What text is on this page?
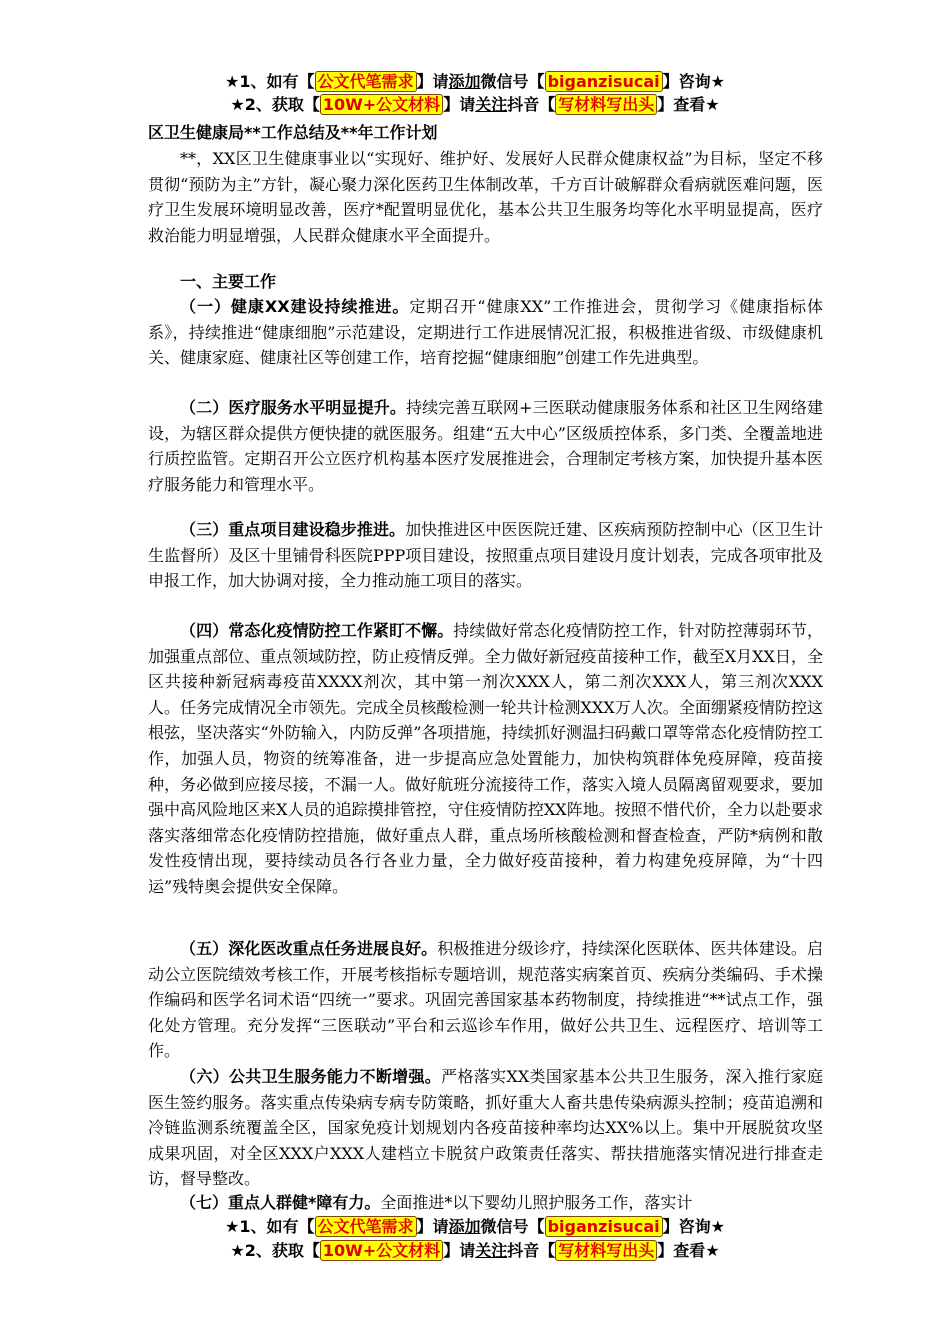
★1、如有【 公文代笔需求 】请添加微信号【 biganzisucai 】咨询★
★2、获取【 10W+公文材料 】请关注抖音【 写材料写出头 】查看★
区卫生健康局**工作总结及**年工作计划

**，XX区卫生健康事业以“实现好、维护好、发展好人民群众健康权益”为目标，坚定不移贯彻“预防为主”方针，凝心聚力深化医药卫生体制改革，千方百计破解群众看病就医难问题，医疗卫生发展环境明显改善，医疗*配置明显优化，基本公共卫生服务均等化水平明显提高，医疗救治能力明显增强，人民群众健康水平全面提升。

一、主要工作

（一）健康XX建设持续推进。定期召开“健康XX”工作推进会，贯彻学习《健康指标体系》，持续推进“健康细胞”示范建设，定期进行工作进展情况汇报，积极推进省级、市级健康机关、健康家庭、健康社区等创建工作，培育挖掘“健康细胞”创建工作先进典型。

（二）医疗服务水平明显提升。持续完善互联网+三医联动健康服务体系和社区卫生网络建设，为辖区群众提供方便快捷的就医服务。组建“五大中心”区级质控体系，多门类、全覆盖地进行质控监管。定期召开公立医疗机构基本医疗发展推进会，合理制定考核方案，加快提升基本医疗服务能力和管理水平。

（三）重点项目建设稳步推进。加快推进区中医医院迁建、区疾病预防控制中心（区卫生计生监督所）及区十里铺骨科医院PPP项目建设，按照重点项目建设月度计划表，完成各项审批及申报工作，加大协调对接，全力推动施工项目的落实。

（四）常态化疫情防控工作紧盯不懈。持续做好常态化疫情防控工作，针对防控薄弱环节，加强重点部位、重点领域防控，防止疫情反弹。全力做好新冠疫苗接种工作，截至X月XX日，全区共接种新冠病毒疫苗XXXX剂次，其中第一剂次XXX人，第二剂次XXX人，第三剂次XXX人。任务完成情况全市领先。完成全员核酸检测一轮共计检测XXX万人次。全面绷紧疫情防控这根弦，坚决落实“外防输入，内防反弹”各项措施，持续抓好测温扫码戴口罩等常态化疫情防控工作，加强人员，物资的统筹准备，进一步提高应急处置能力，加快构筑群体免疫屏障，疫苗接种，务必做到应接尽接，不漏一人。做好航班分流接待工作，落实入境人员隔离留观要求，要加强中高风险地区来X人员的追踪摸排管控，守住疫情防控XX阵地。按照不惜代价，全力以赴要求落实落细常态化疫情防控措施，做好重点人群，重点场所核酸检测和督查检查，严防*病例和散发性疫情出现，要持续动员各行各业力量，全力做好疫苗接种，着力构建免疫屏障，为“十四运”残特奥会提供安全保障。

（五）深化医改重点任务进展良好。积极推进分级诊疗，持续深化医联体、医共体建设。启动公立医院绩效考核工作，开展考核指标专题培训，规范落实病案首页、疾病分类编码、手术操作编码和医学名词术语“四统一”要求。巩固完善国家基本药物制度，持续推进“**试点工作，强化处方管理。充分发挥“三医联动”平台和云巡诊车作用，做好公共卫生、远程医疗、培训等工作。

（六）公共卫生服务能力不断增强。严格落实XX类国家基本公共卫生服务，深入推行家庭医生签约服务。落实重点传染病专病专防策略，抓好重大人畜共患传染病源头控制；疫苗追溯和冷链监测系统覆盖全区，国家免疫计划规划内各疫苗接种率均达XX%以上。集中开展脱贫攻坚成果巩固，对全区XXX户XXX人建档立卡脱贫户政策责任落实、帮扶措施落实情况进行排查走访，督导整改。

（七）重点人群健*障有力。全面推进*以下婴幼儿照护服务工作，落实计

★1、如有【 公文代笔需求 】请添加微信号【 biganzisucai 】咨询★
★2、获取【 10W+公文材料 】请关注抖音【 写材料写出头 】查看★
